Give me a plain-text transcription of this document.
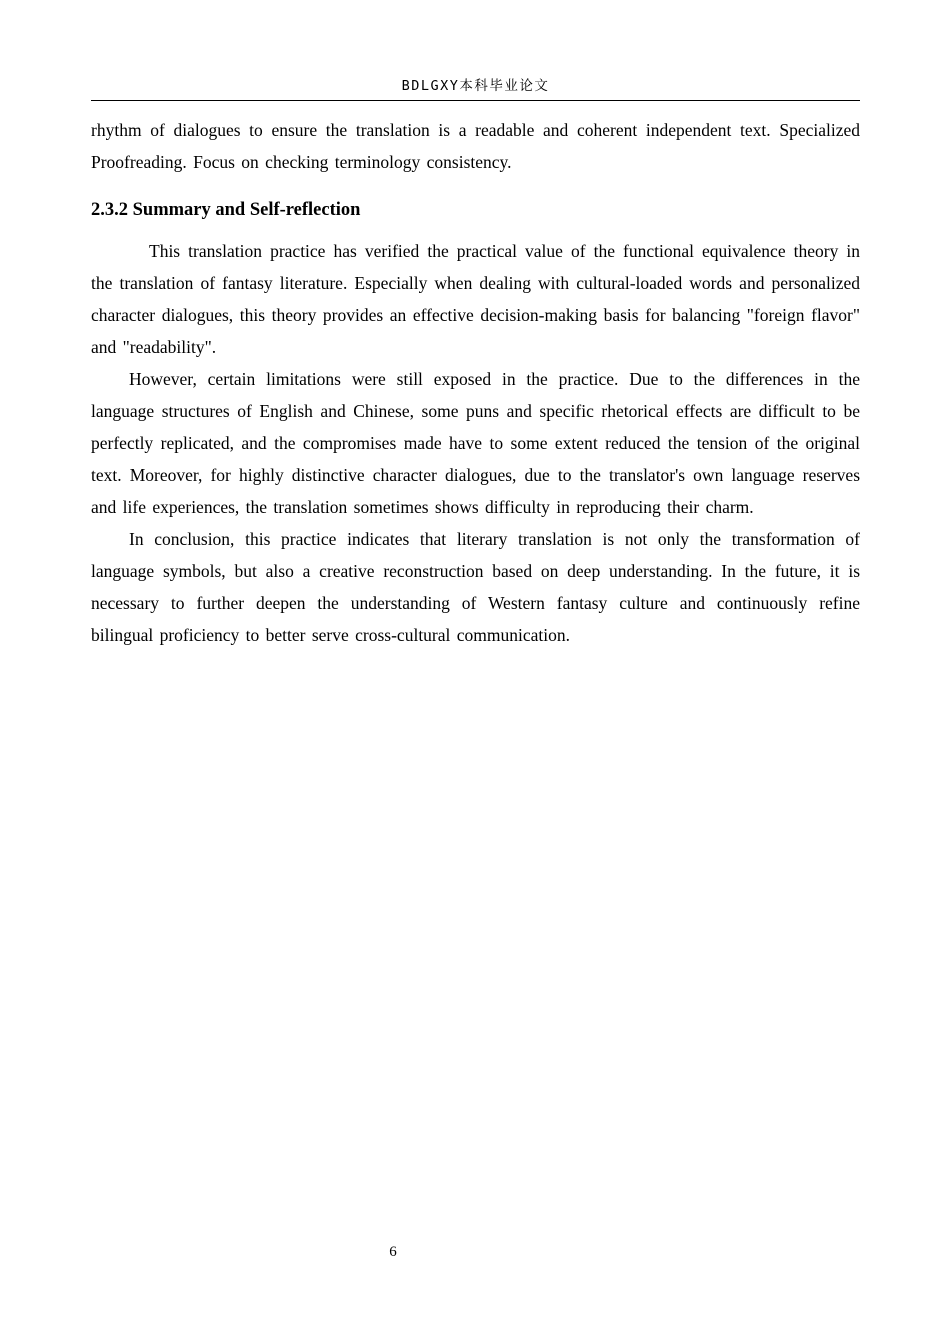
BDLGXY本科毕业论文

rhythm of dialogues to ensure the translation is a readable and coherent independent text. Specialized Proofreading. Focus on checking terminology consistency.

2.3.2 Summary and Self-reflection

This translation practice has verified the practical value of the functional equivalence theory in the translation of fantasy literature. Especially when dealing with cultural-loaded words and personalized character dialogues, this theory provides an effective decision-making basis for balancing "foreign flavor" and "readability".

However, certain limitations were still exposed in the practice. Due to the differences in the language structures of English and Chinese, some puns and specific rhetorical effects are difficult to be perfectly replicated, and the compromises made have to some extent reduced the tension of the original text. Moreover, for highly distinctive character dialogues, due to the translator's own language reserves and life experiences, the translation sometimes shows difficulty in reproducing their charm.

In conclusion, this practice indicates that literary translation is not only the transformation of language symbols, but also a creative reconstruction based on deep understanding. In the future, it is necessary to further deepen the understanding of Western fantasy culture and continuously refine bilingual proficiency to better serve cross-cultural communication.

6
